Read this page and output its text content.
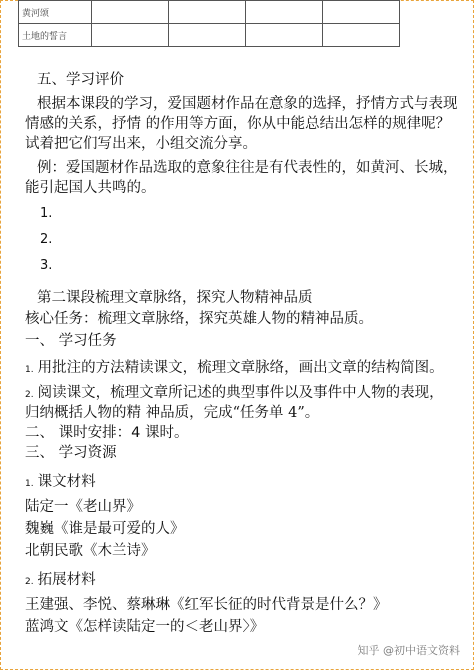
黄河颂				
土地的誓言				
五、学习评价
根据本课段的学习，爱国题材作品在意象的选择，抒情方式与表现
情感的关系，抒情 的作用等方面，你从中能总结出怎样的规律呢？
试着把它们写出来，小组交流分享。
例：爱国题材作品选取的意象往往是有代表性的，如黄河、长城，
能引起国人共鸣的。
1.
2.
3.
第二课段梳理文章脉络，探究人物精神品质
核心任务：梳理文章脉络，探究英雄人物的精神品质。
一、 学习任务
1. 用批注的方法精读课文，梳理文章脉络，画出文章的结构简图。
2. 阅读课文，梳理文章所记述的典型事件以及事件中人物的表现，
归纳概括人物的精 神品质，完成“任务单 4”。
二、 课时安排：4 课时。
三、 学习资源
1. 课文材料
陆定一《老山界》
魏巍《谁是最可爱的人》
北朝民歌《木兰诗》
2. 拓展材料
王建强、李悦、蔡琳琳《红军长征的时代背景是什么？》
蓝鸿文《怎样读陆定一的＜老山界〉》
知乎 @初中语文资料
